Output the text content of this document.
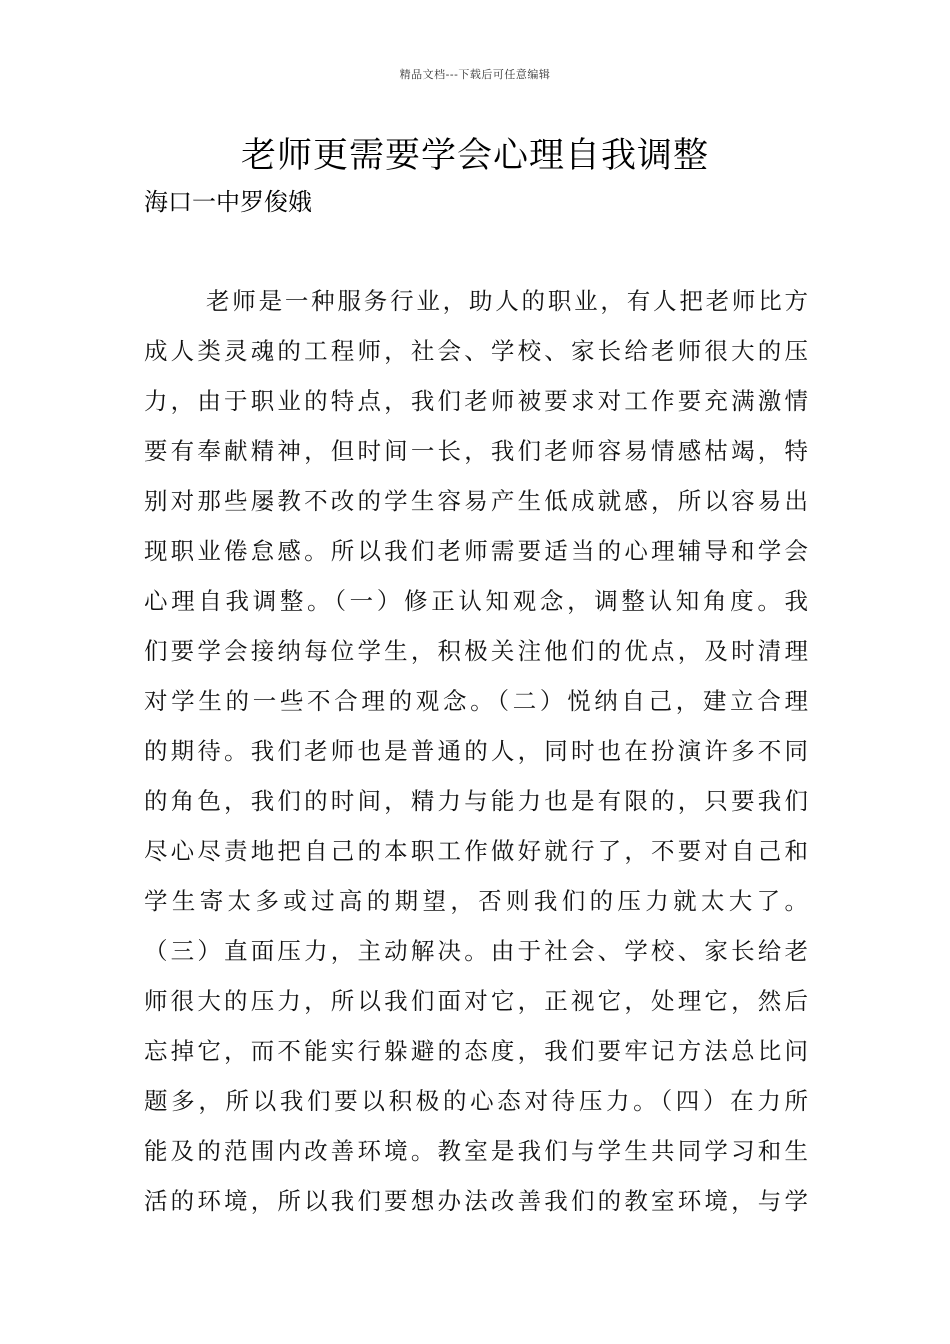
精品文档---下载后可任意编辑
老师更需要学会心理自我调整
海口一中罗俊娥
老师是一种服务行业，助人的职业，有人把老师比方
成人类灵魂的工程师，社会、学校、家长给老师很大的压
力，由于职业的特点，我们老师被要求对工作要充满激情
要有奉献精神，但时间一长，我们老师容易情感枯竭，特
别对那些屡教不改的学生容易产生低成就感，所以容易出
现职业倦怠感。所以我们老师需要适当的心理辅导和学会
心理自我调整。（一）修正认知观念，调整认知角度。我
们要学会接纳每位学生，积极关注他们的优点，及时清理
对学生的一些不合理的观念。（二）悦纳自己，建立合理
的期待。我们老师也是普通的人，同时也在扮演许多不同
的角色，我们的时间，精力与能力也是有限的，只要我们
尽心尽责地把自己的本职工作做好就行了，不要对自己和
学生寄太多或过高的期望，否则我们的压力就太大了。
（三）直面压力，主动解决。由于社会、学校、家长给老
师很大的压力，所以我们面对它，正视它，处理它，然后
忘掉它，而不能实行躲避的态度，我们要牢记方法总比问
题多，所以我们要以积极的心态对待压力。（四）在力所
能及的范围内改善环境。教室是我们与学生共同学习和生
活的环境，所以我们要想办法改善我们的教室环境，与学
